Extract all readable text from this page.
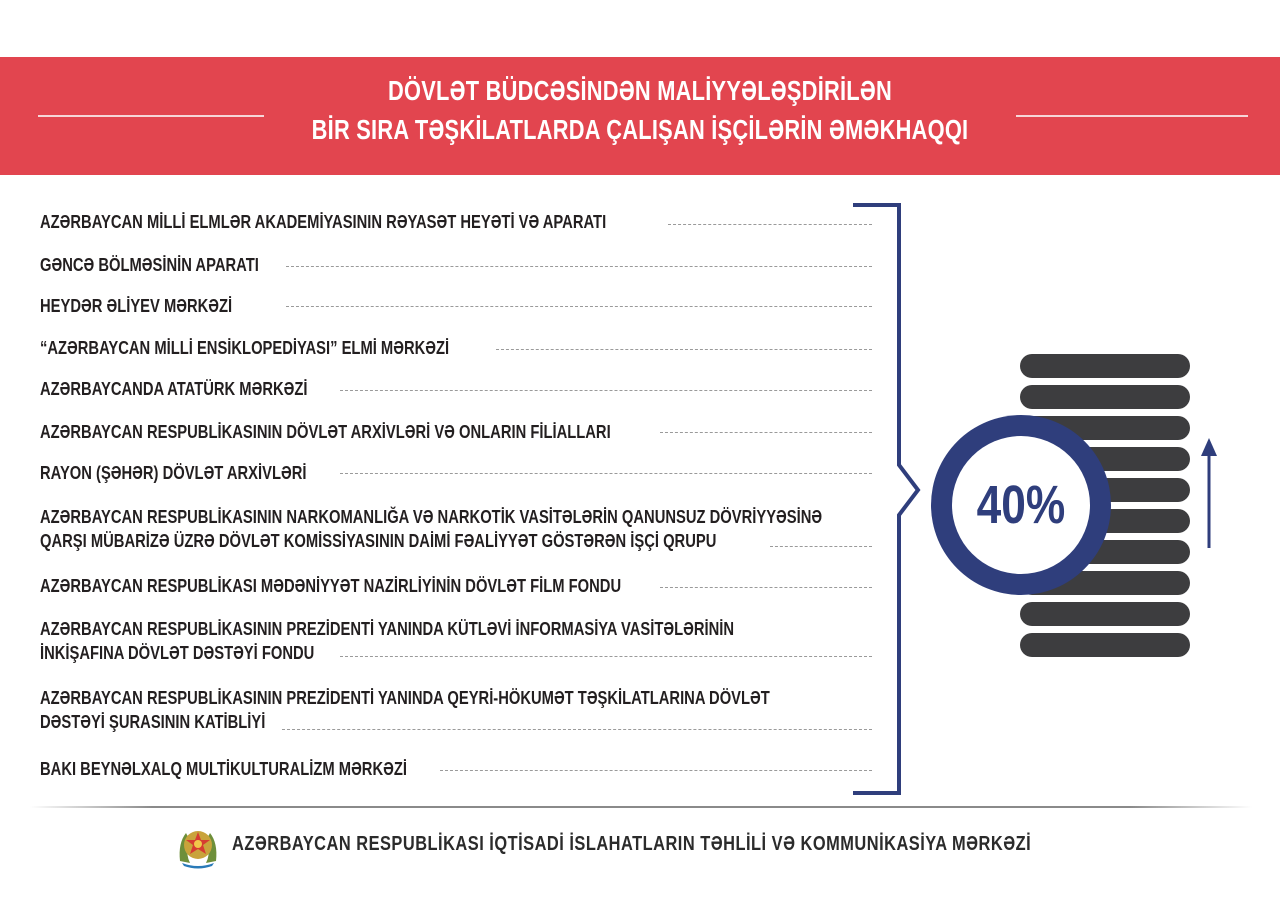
DÖVLƏT BÜDCƏSİNDƏN MALİYYƏLƏŞDİRİLƏN
BİR SIRA TƏŞKİLATLARDA ÇALIŞAN İŞÇİLƏRİN ƏMƏKHAQQI
AZƏRBAYCAN MİLLİ ELMLƏR AKADEMİYASININ RƏYASƏT HEYƏTİ VƏ APARATI
GƏNCƏ BÖLMƏSİNİN APARATI
HEYDƏR ƏLİYEV MƏRKƏZİ
“AZƏRBAYCAN MİLLİ ENSİKLOPEDİYASI” ELMİ MƏRKƏZİ
AZƏRBAYCANDA ATATÜRK MƏRKƏZİ
AZƏRBAYCAN RESPUBLİKASININ DÖVLƏT ARXİVLƏRİ VƏ ONLARIN FİLİALLARI
RAYON (ŞƏHƏR) DÖVLƏT ARXİVLƏRİ
AZƏRBAYCAN RESPUBLİKASININ NARKOMANLIĞA VƏ NARKOTİK VASİTƏLƏRİN QANUNSUZ DÖVRİYYƏSİNƏ
QARŞI MÜBARİZƏ ÜZRƏ DÖVLƏT KOMİSSİYASININ DAİMİ FƏALİYYƏT GÖSTƏRƏN İŞÇİ QRUPU
AZƏRBAYCAN RESPUBLİKASI MƏDƏNİYYƏT NAZİRLİYİNİN DÖVLƏT FİLM FONDU
AZƏRBAYCAN RESPUBLİKASININ PREZİDENTİ YANINDA KÜTLƏVİ İNFORMASİYA VASİTƏLƏRİNİN
İNKİŞAFINA DÖVLƏT DƏSTƏYİ FONDU
AZƏRBAYCAN RESPUBLİKASININ PREZİDENTİ YANINDA QEYRİ-HÖKUMƏT TƏŞKİLATLARINA DÖVLƏT
DƏSTƏYİ ŞURASININ KATİBLİYİ
BAKI BEYNƏLXALQ MULTİKULTURALİZM MƏRKƏZİ
40%
AZƏRBAYCAN RESPUBLİKASI İQTİSADİ İSLAHATLARIN TƏHLİLİ VƏ KOMMUNİKASİYA MƏRKƏZİ
